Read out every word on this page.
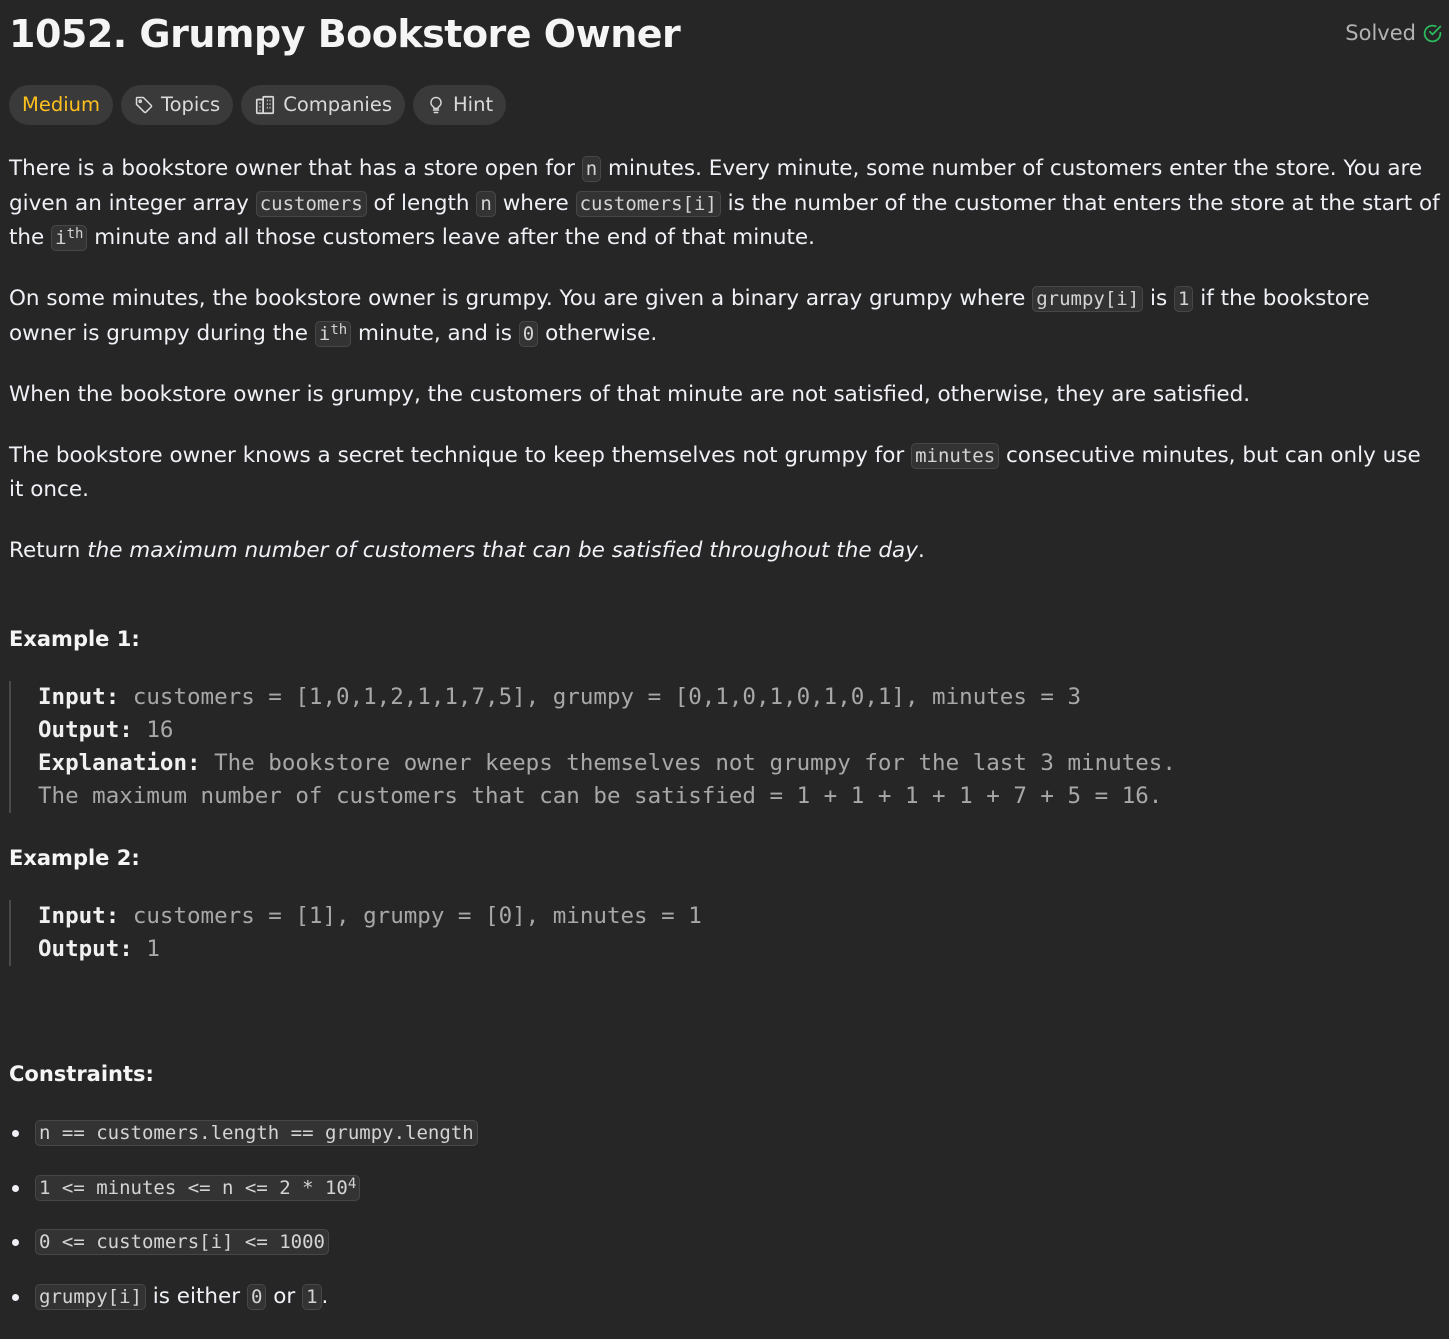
1052. Grumpy Bookstore Owner	Solved
Medium	Topics	Companies	Hint

There is a bookstore owner that has a store open for n minutes. Every minute, some number of customers enter the store. You are given an integer array customers of length n where customers[i] is the number of the customer that enters the store at the start of the $i^{th}$ minute and all those customers leave after the end of that minute.

On some minutes, the bookstore owner is grumpy. You are given a binary array grumpy where grumpy[i] is 1 if the bookstore owner is grumpy during the $i^{th}$ minute, and is 0 otherwise.

When the bookstore owner is grumpy, the customers of that minute are not satisfied, otherwise, they are satisfied.

The bookstore owner knows a secret technique to keep themselves not grumpy for minutes consecutive minutes, but can only use it once.

Return the maximum number of customers that can be satisfied throughout the day.

Example 1:
Input: customers = [1,0,1,2,1,1,7,5], grumpy = [0,1,0,1,0,1,0,1], minutes = 3
Output: 16
Explanation: The bookstore owner keeps themselves not grumpy for the last 3 minutes.
The maximum number of customers that can be satisfied = 1 + 1 + 1 + 1 + 7 + 5 = 16.
Example 2:
Input: customers = [1], grumpy = [0], minutes = 1
Output: 1
Constraints:
n == customers.length == grumpy.length
1 <= minutes <= $n <= 2 * 10^4$
0 <= customers[i] <= 1000
grumpy[i] is either 0 or 1 .
